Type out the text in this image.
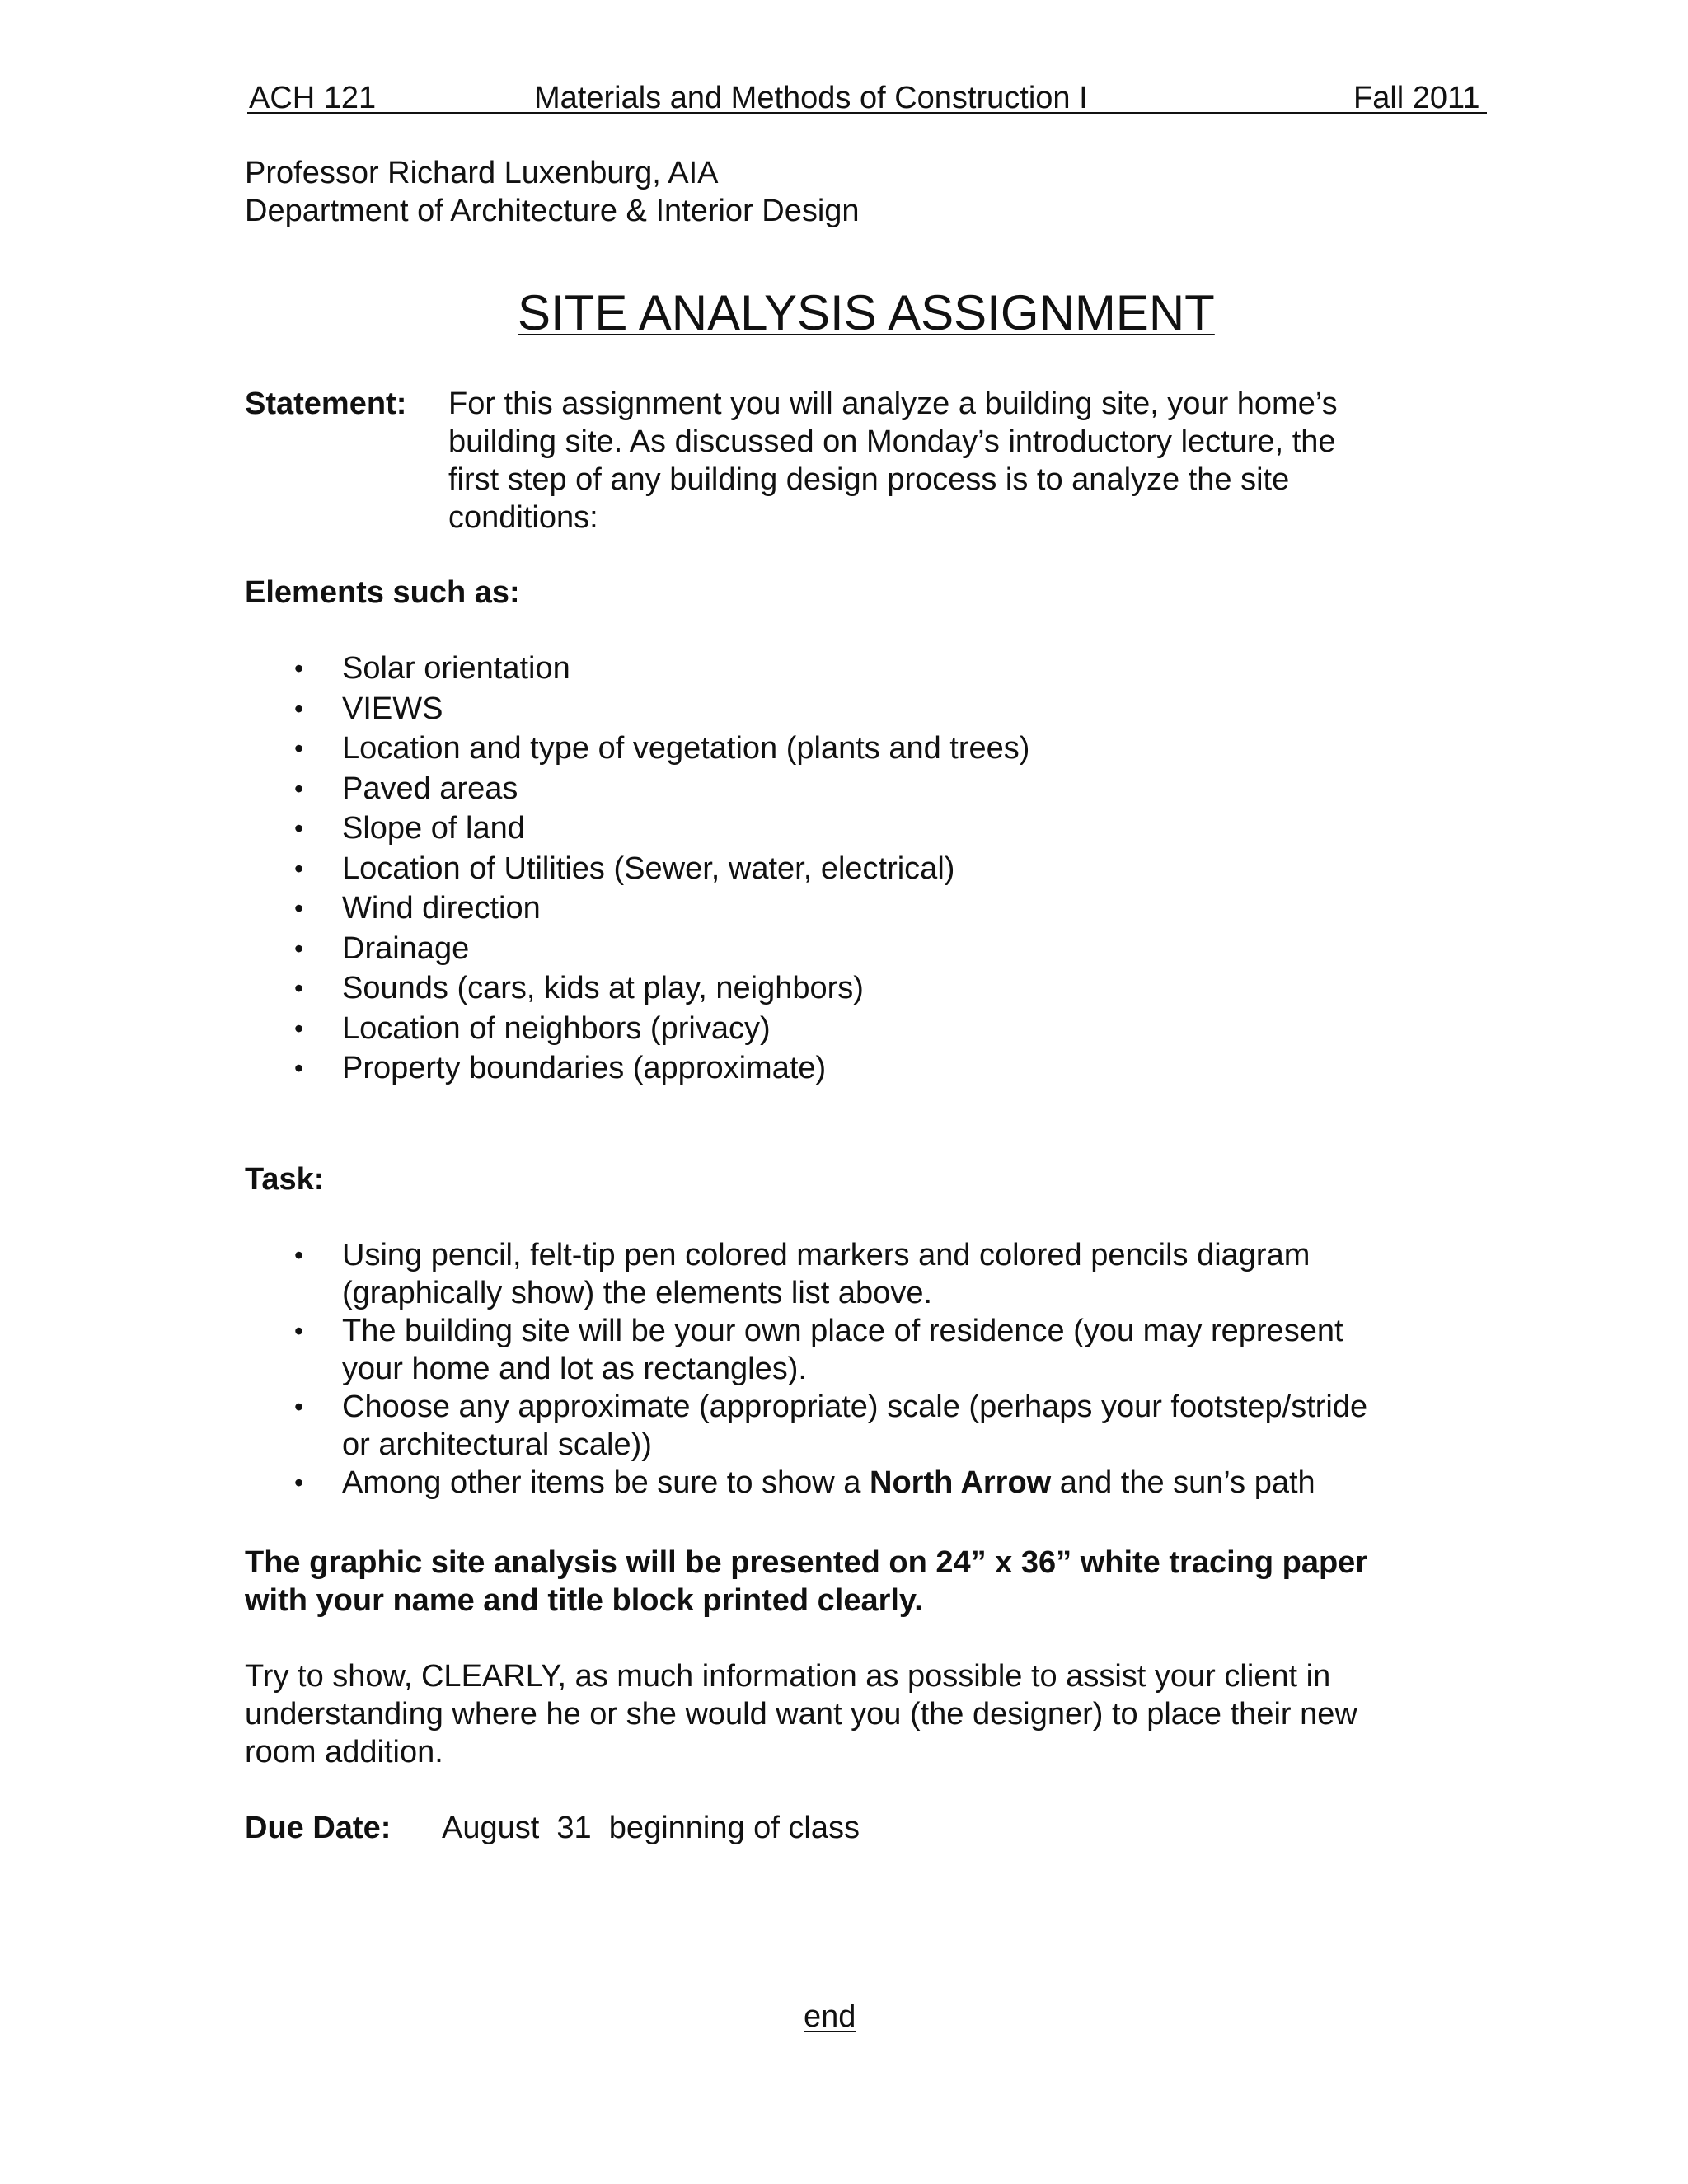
ACH 121	Materials and Methods of Construction I	Fall 2011
Professor Richard Luxenburg, AIA
Department of Architecture & Interior Design
SITE ANALYSIS ASSIGNMENT
Statement: For this assignment you will analyze a building site, your home’s
building site. As discussed on Monday’s introductory lecture, the
first step of any building design process is to analyze the site
conditions:
Elements such as:
• Solar orientation
• VIEWS
• Location and type of vegetation (plants and trees)
• Paved areas
• Slope of land
• Location of Utilities (Sewer, water, electrical)
• Wind direction
• Drainage
• Sounds (cars, kids at play, neighbors)
• Location of neighbors (privacy)
• Property boundaries (approximate)
Task:
• Using pencil, felt-tip pen colored markers and colored pencils diagram
(graphically show) the elements list above.
• The building site will be your own place of residence (you may represent
your home and lot as rectangles).
• Choose any approximate (appropriate) scale (perhaps your footstep/stride
or architectural scale))
• Among other items be sure to show a North Arrow and the sun’s path
The graphic site analysis will be presented on 24” x 36” white tracing paper
with your name and title block printed clearly.
Try to show, CLEARLY, as much information as possible to assist your client in
understanding where he or she would want you (the designer) to place their new
room addition.
Due Date: August  31  beginning of class
end
